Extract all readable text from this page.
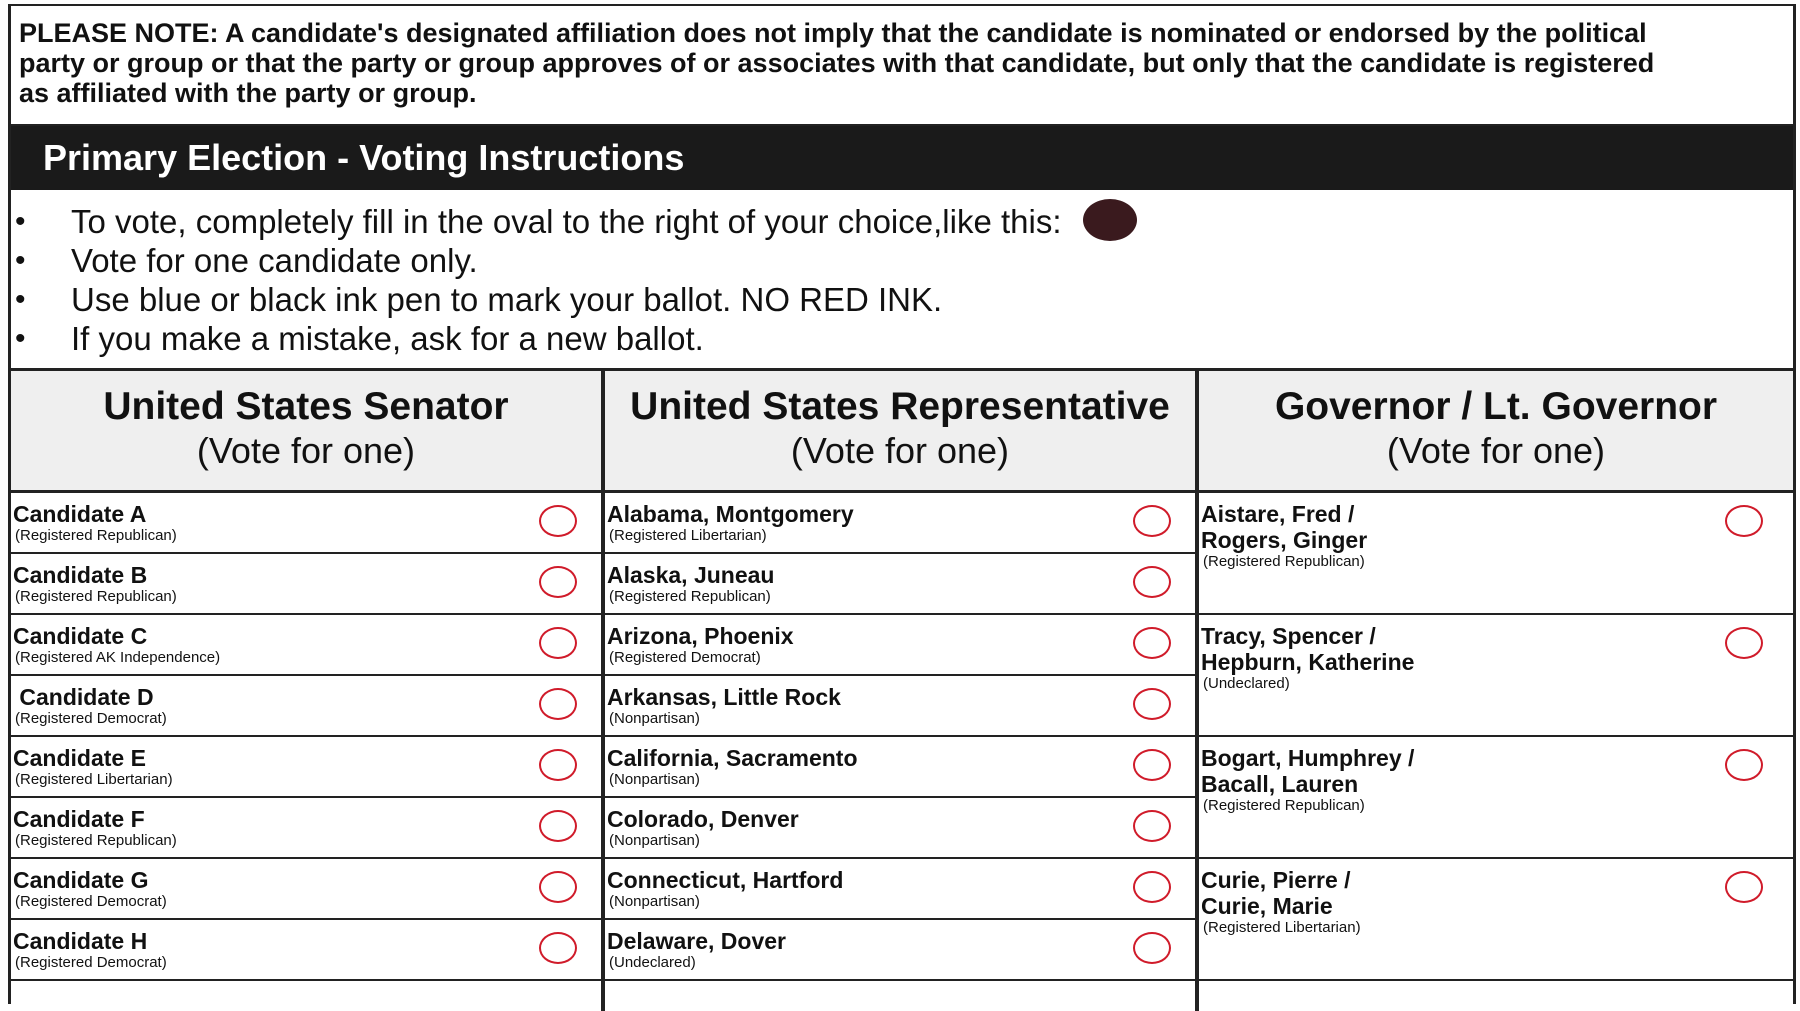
PLEASE NOTE: A candidate's designated affiliation does not imply that the candidate is nominated or endorsed by the political
party or group or that the party or group approves of or associates with that candidate, but only that the candidate is registered
as affiliated with the party or group.
Primary Election - Voting Instructions
• To vote, completely fill in the oval to the right of your choice,like this:
• Vote for one candidate only.
• Use blue or black ink pen to mark your ballot. NO RED INK.
• If you make a mistake, ask for a new ballot.
United States Senator
(Vote for one)
Candidate A
(Registered Republican)
Candidate B
(Registered Republican)
Candidate C
(Registered AK Independence)
Candidate D
(Registered Democrat)
Candidate E
(Registered Libertarian)
Candidate F
(Registered Republican)
Candidate G
(Registered Democrat)
Candidate H
(Registered Democrat)
United States Representative
(Vote for one)
Alabama, Montgomery
(Registered Libertarian)
Alaska, Juneau
(Registered Republican)
Arizona, Phoenix
(Registered Democrat)
Arkansas, Little Rock
(Nonpartisan)
California, Sacramento
(Nonpartisan)
Colorado, Denver
(Nonpartisan)
Connecticut, Hartford
(Nonpartisan)
Delaware, Dover
(Undeclared)
Governor / Lt. Governor
(Vote for one)
Aistare, Fred /
Rogers, Ginger
(Registered Republican)
Tracy, Spencer /
Hepburn, Katherine
(Undeclared)
Bogart, Humphrey /
Bacall, Lauren
(Registered Republican)
Curie, Pierre /
Curie, Marie
(Registered Libertarian)
